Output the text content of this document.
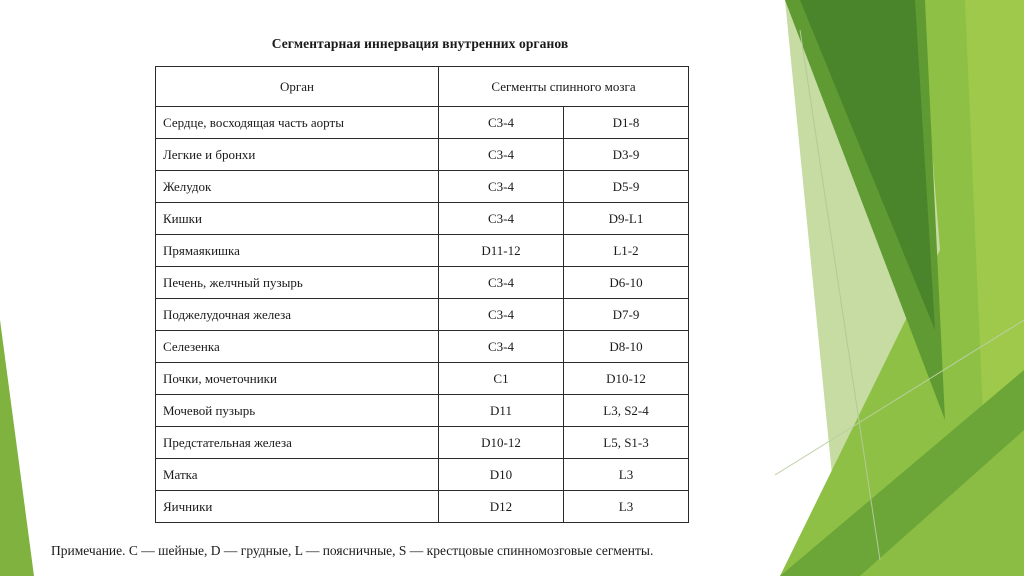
Сегментарная иннервация внутренних органов
Орган	Сегменты спинного мозга	
Сердце, восходящая часть аорты	С3-4	D1-8
Легкие и бронхи	С3-4	D3-9
Желудок	С3-4	D5-9
Кишки	С3-4	D9-L1
Прямаякишка	D11-12	L1-2
Печень, желчный пузырь	С3-4	D6-10
Поджелудочная железа	С3-4	D7-9
Селезенка	С3-4	D8-10
Почки, мочеточники	С1	D10-12
Мочевой пузырь	D11	L3, S2-4
Предстательная железа	D10-12	L5, S1-3
Матка	D10	L3
Яичники	D12	L3
Примечание. С — шейные, D — грудные, L — поясничные, S — крестцовые спинномозговые сегменты.
